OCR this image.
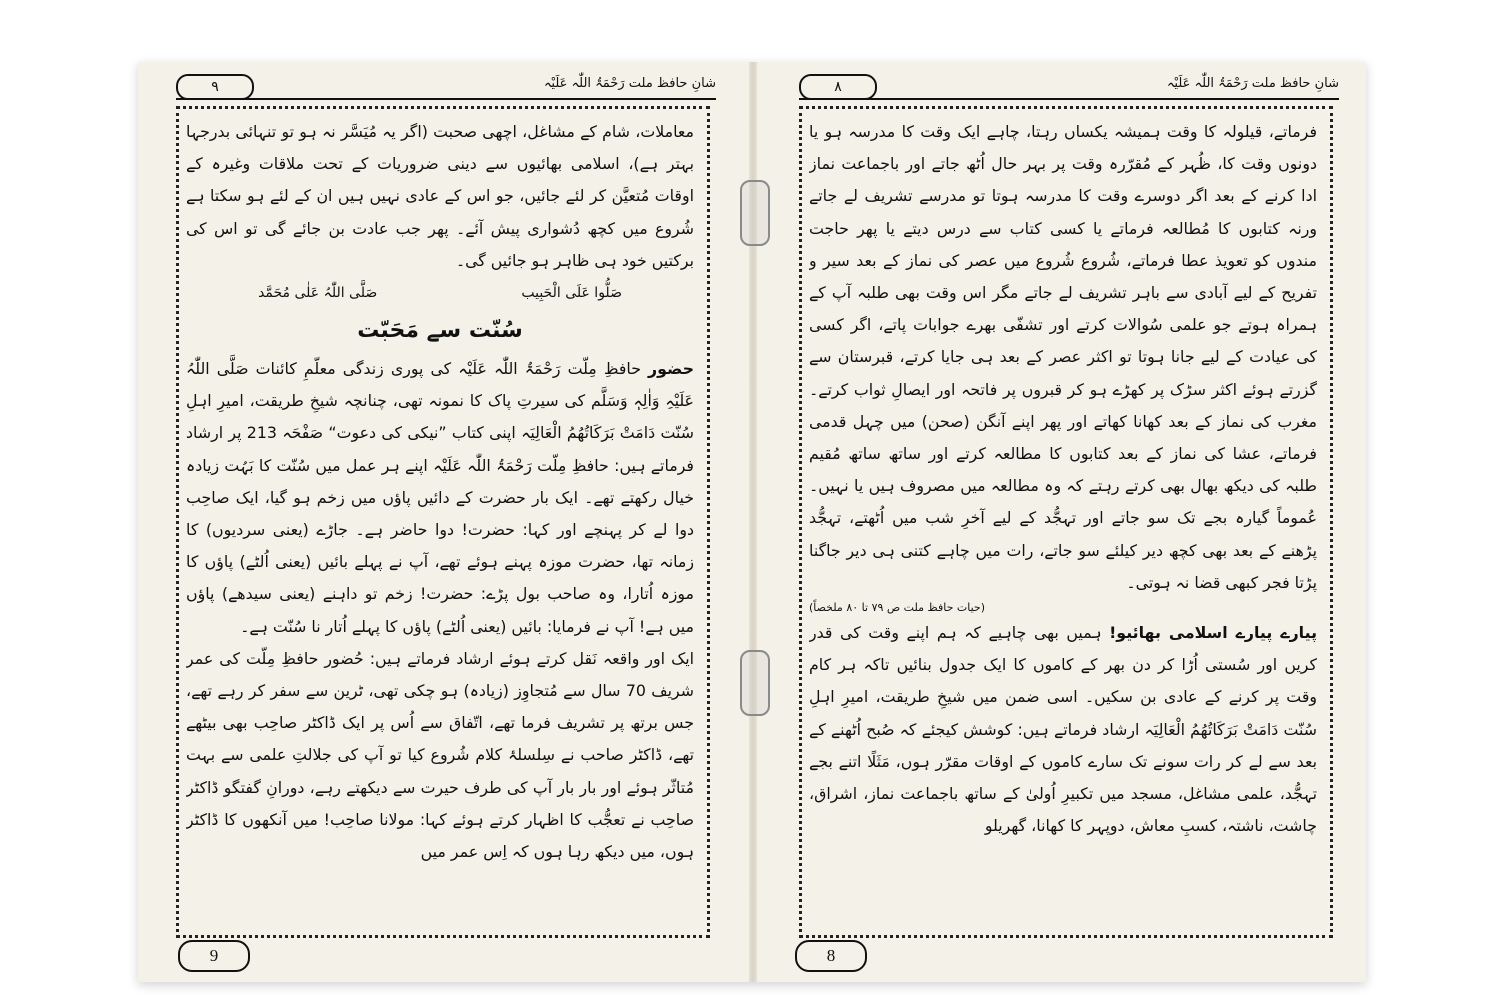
شانِ حافظ ملت رَحْمَۃُ اللّٰہ عَلَیْہ
۹

معاملات، شام کے مشاغل، اچھی صحبت (اگر یہ مُیَسَّر نہ ہو تو تنہائی بدرجہا بہتر ہے)، اسلامی بھائیوں سے دینی ضروریات کے تحت ملاقات وغیرہ کے اوقات مُتعیَّن کر لئے جائیں، جو اس کے عادی نہیں ہیں ان کے لئے ہو سکتا ہے شُروع میں کچھ دُشواری پیش آئے۔ پھر جب عادت بن جائے گی تو اس کی برکتیں خود ہی ظاہر ہو جائیں گی۔

صَلُّوا عَلَی الْحَبِیب
صَلَّی اللّٰہُ عَلٰی مُحَمَّد
سُنّت سے مَحَبّت

حضور حافظِ مِلّت رَحْمَۃُ اللّٰہ عَلَیْہ کی پوری زندگی معلّمِ کائنات صَلَّی اللّٰہُ عَلَیْہِ وَاٰلِہٖ وَسَلَّم کی سیرتِ پاک کا نمونہ تھی، چنانچہ شیخِ طریقت، امیرِ اہلِ سُنّت دَامَتْ بَرَکَاتُھُمُ الْعَالِیَہ اپنی کتاب ”نیکی کی دعوت“ صَفْحَہ 213 پر ارشاد فرماتے ہیں: حافظِ مِلّت رَحْمَۃُ اللّٰہ عَلَیْہ اپنے ہر عمل میں سُنّت کا بَہُت زیادہ خیال رکھتے تھے۔ ایک بار حضرت کے دائیں پاؤں میں زخم ہو گیا، ایک صاحِب دوا لے کر پہنچے اور کہا: حضرت! دوا حاضر ہے۔ جاڑے (یعنی سردیوں) کا زمانہ تھا، حضرت موزہ پہنے ہوئے تھے، آپ نے پہلے بائیں (یعنی اُلٹے) پاؤں کا موزہ اُتارا، وہ صاحب بول پڑے: حضرت! زخم تو داہنے (یعنی سیدھے) پاؤں میں ہے! آپ نے فرمایا: بائیں (یعنی اُلٹے) پاؤں کا پہلے اُتار نا سُنّت ہے۔

ایک اور واقعہ نَقل کرتے ہوئے ارشاد فرماتے ہیں: حُضور حافظِ مِلّت کی عمر شریف 70 سال سے مُتجاوِز (زیادہ) ہو چکی تھی، ٹرین سے سفر کر رہے تھے، جس برتھ پر تشریف فرما تھے، اتّفاق سے اُس پر ایک ڈاکٹر صاحِب بھی بیٹھے تھے، ڈاکٹر صاحب نے سِلسلۂ کلام شُروع کیا تو آپ کی جلالتِ علمی سے بہت مُتاثّر ہوئے اور بار بار آپ کی طرف حیرت سے دیکھتے رہے، دورانِ گفتگو ڈاکٹر صاحِب نے تعجُّب کا اظہار کرتے ہوئے کہا: مولانا صاحِب! میں آنکھوں کا ڈاکٹر ہوں، میں دیکھ رہا ہوں کہ اِس عمر میں

9
شانِ حافظ ملت رَحْمَۃُ اللّٰہ عَلَیْہ
۸

فرماتے، قیلولہ کا وقت ہمیشہ یکساں رہتا، چاہے ایک وقت کا مدرسہ ہو یا دونوں وقت کا، ظُہر کے مُقرّرہ وقت پر بہر حال اُٹھ جاتے اور باجماعت نماز ادا کرنے کے بعد اگر دوسرے وقت کا مدرسہ ہوتا تو مدرسے تشریف لے جاتے ورنہ کتابوں کا مُطالعہ فرماتے یا کسی کتاب سے درس دیتے یا پھر حاجت مندوں کو تعویذ عطا فرماتے، شُروع شُروع میں عصر کی نماز کے بعد سیر و تفریح کے لیے آبادی سے باہر تشریف لے جاتے مگر اس وقت بھی طلبہ آپ کے ہمراہ ہوتے جو علمی سُوالات کرتے اور تشفّی بھرے جوابات پاتے، اگر کسی کی عیادت کے لیے جانا ہوتا تو اکثر عصر کے بعد ہی جایا کرتے، قبرستان سے گزرتے ہوئے اکثر سڑک پر کھڑے ہو کر قبروں پر فاتحہ اور ایصالِ ثواب کرتے۔ مغرب کی نماز کے بعد کھانا کھاتے اور پھر اپنے آنگن (صحن) میں چہل قدمی فرماتے، عشا کی نماز کے بعد کتابوں کا مطالعہ کرتے اور ساتھ ساتھ مُقیم طلبہ کی دیکھ بھال بھی کرتے رہتے کہ وہ مطالعہ میں مصروف ہیں یا نہیں۔ عُموماً گیارہ بجے تک سو جاتے اور تہجُّد کے لیے آخرِ شب میں اُٹھتے، تہجُّد پڑھنے کے بعد بھی کچھ دیر کیلئے سو جاتے، رات میں چاہے کتنی ہی دیر جاگنا پڑتا فجر کبھی قضا نہ ہوتی۔

(حیات حافظ ملت ص ۷۹ تا ۸۰ ملخصاً)

پیارے پیارے اسلامی بھائیو! ہمیں بھی چاہیے کہ ہم اپنے وقت کی قدر کریں اور سُستی اُڑا کر دن بھر کے کاموں کا ایک جدول بنائیں تاکہ ہر کام وقت پر کرنے کے عادی بن سکیں۔ اسی ضمن میں شیخِ طریقت، امیرِ اہلِ سُنّت دَامَتْ بَرَکَاتُھُمُ الْعَالِیَہ ارشاد فرماتے ہیں: کوشش کیجئے کہ صُبح اُٹھنے کے بعد سے لے کر رات سونے تک سارے کاموں کے اوقات مقرّر ہوں، مَثَلًا اتنے بجے تہجُّد، علمی مشاغل، مسجد میں تکبیرِ اُولیٰ کے ساتھ باجماعت نماز، اشراق، چاشت، ناشتہ، کسبِ معاش، دوپہر کا کھانا، گھریلو

8
